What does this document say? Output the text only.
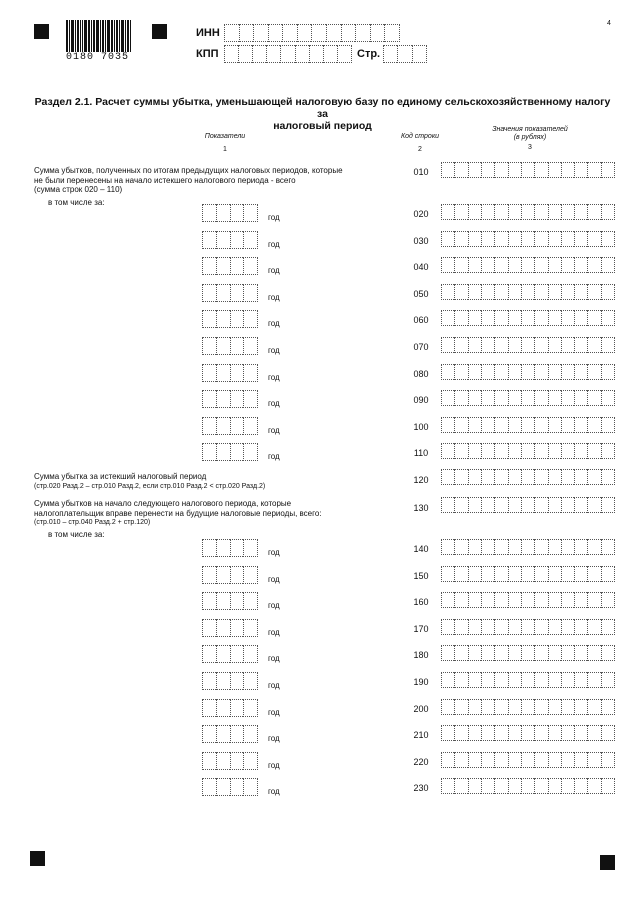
0180 7035
ИНН
КПП	Стр.
4
Раздел 2.1. Расчет суммы убытка, уменьшающей налоговую базу по единому сельскохозяйственному налогу за
налоговый период
Показатели	Код строки
Значения показателей
(в рублях)
1	2	3
Сумма убытков, полученных по итогам предыдущих налоговых периодов, которые
не были перенесены на начало истекшего налогового периода - всего
(сумма строк 020 – 110)
010
в том числе за:
год	020
год	030
год	040
год	050
год	060
год	070
год	080
год	090
год	100
год	110
Сумма убытка за истекший налоговый период
(стр.020 Разд.2 – стр.010 Разд.2, если стр.010 Разд.2 < стр.020 Разд.2)
120
Сумма убытков на начало следующего налогового периода, которые
налогоплательщик вправе перенести на будущие налоговые периоды, всего:
(стр.010 – стр.040 Разд.2 + стр.120)
130
в том числе за:
год	140
год	150
год	160
год	170
год	180
год	190
год	200
год	210
год	220
год	230
